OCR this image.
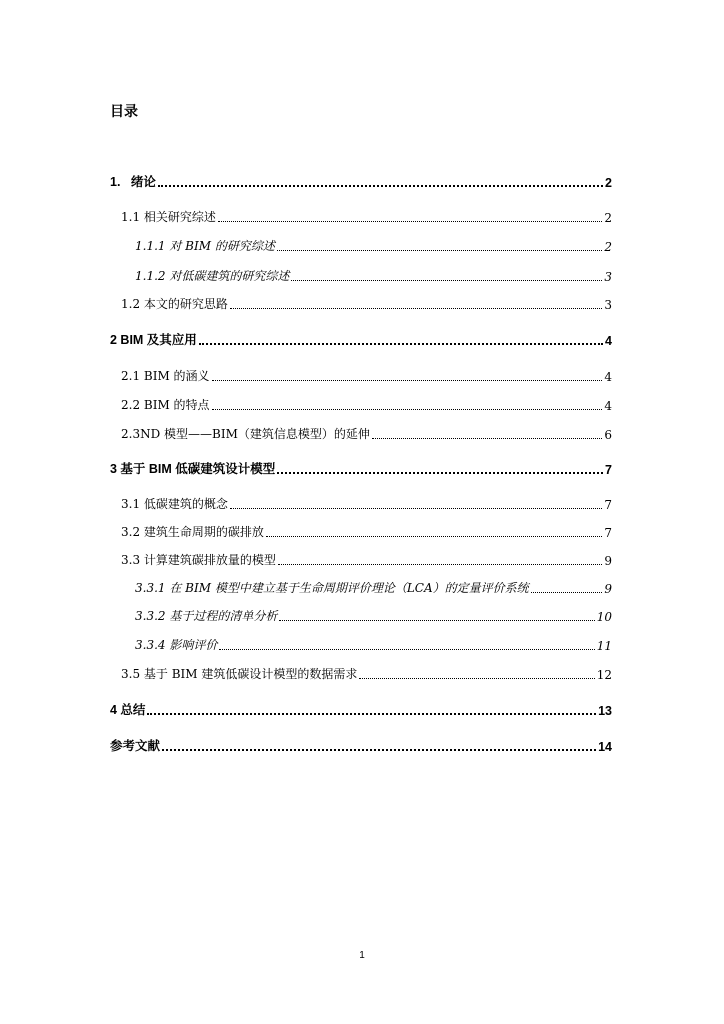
目录
1.   绪论	2
1.1 相关研究综述	2
1.1.1 对 BIM 的研究综述	2
1.1.2 对低碳建筑的研究综述	3
1.2 本文的研究思路	3
2 BIM 及其应用	4
2.1 BIM 的涵义	4
2.2 BIM 的特点	4
2.3ND 模型——BIM（建筑信息模型）的延伸	6
3 基于 BIM 低碳建筑设计模型	7
3.1 低碳建筑的概念	7
3.2 建筑生命周期的碳排放	7
3.3 计算建筑碳排放量的模型	9
3.3.1 在 BIM 模型中建立基于生命周期评价理论（LCA）的定量评价系统	9
3.3.2 基于过程的清单分析	10
3.3.4 影响评价	11
3.5 基于 BIM 建筑低碳设计模型的数据需求	12
4 总结	13
参考文献	14
1
